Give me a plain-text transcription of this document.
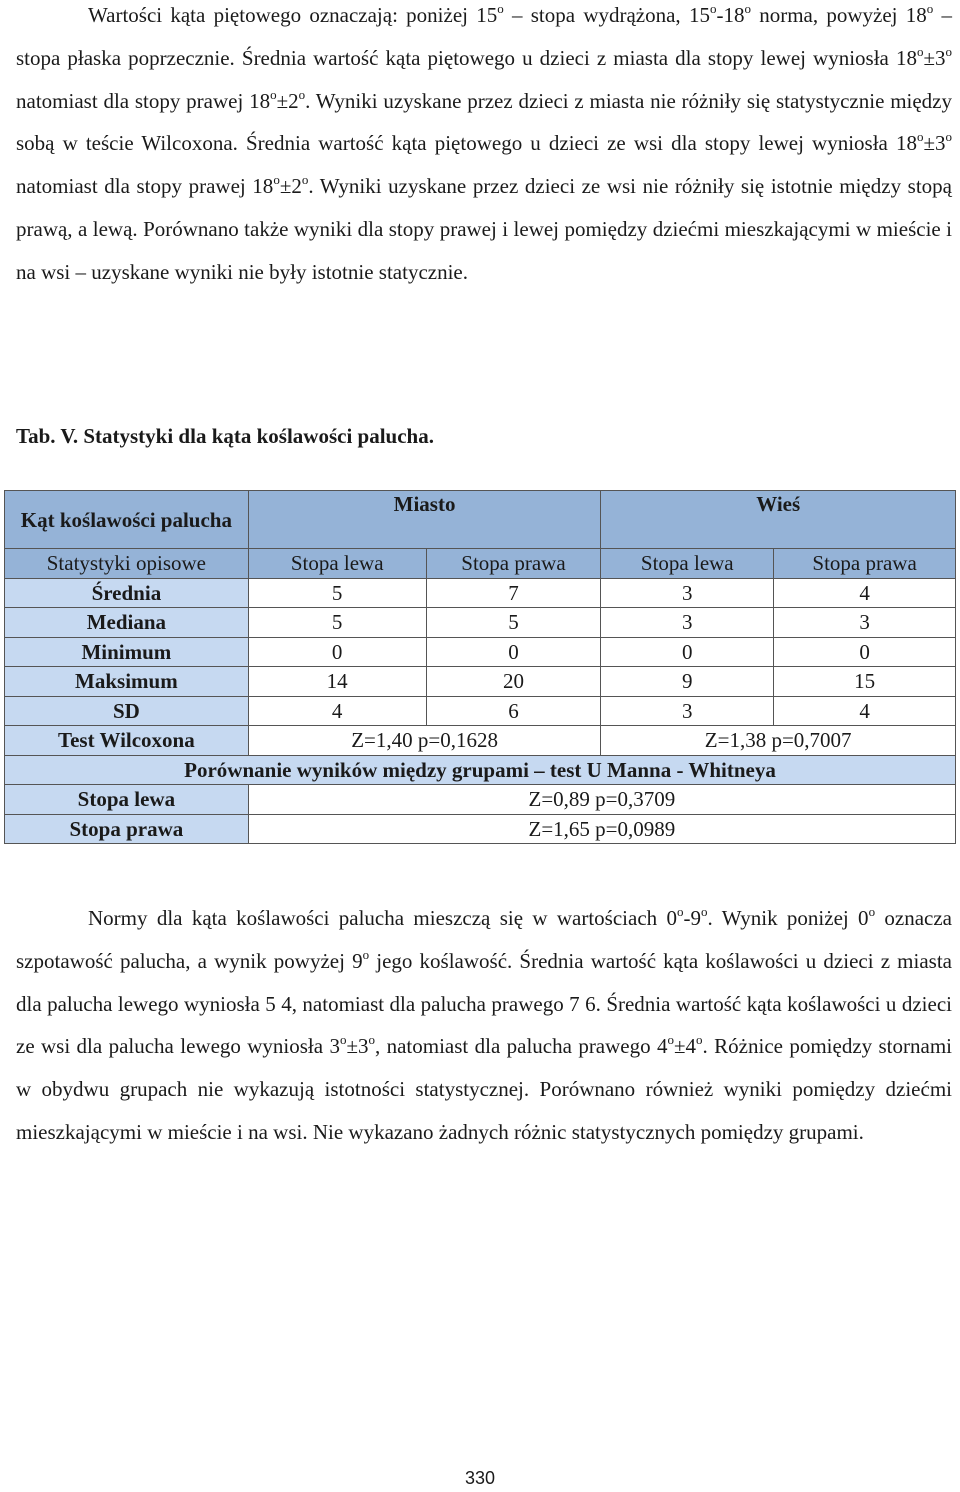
Wartości kąta piętowego oznaczają: poniżej 15$^o$ – stopa wydrążona, 15$^o$-18$^o$ norma, powyżej 18$^o$ – stopa płaska poprzecznie. Średnia wartość kąta piętowego u dzieci z miasta dla stopy lewej wyniosła $18^o\pm 3^o$ natomiast dla stopy prawej $18^o\pm 2^o$. Wyniki uzyskane przez dzieci z miasta nie różniły się statystycznie między sobą w teście Wilcoxona. Średnia wartość kąta piętowego u dzieci ze wsi dla stopy lewej wyniosła $18^o\pm 3^o$ natomiast dla stopy prawej $18^o\pm 2^o$. Wyniki uzyskane przez dzieci ze wsi nie różniły się istotnie między stopą prawą, a lewą. Porównano także wyniki dla stopy prawej i lewej pomiędzy dziećmi mieszkającymi w mieście i na wsi – uzyskane wyniki nie były istotnie statycznie.

Tab. V. Statystyki dla kąta koślawości palucha.

Kąt koślawości palucha	Miasto		Wieś	
Statystyki opisowe	Stopa lewa	Stopa prawa	Stopa lewa	Stopa prawa
Średnia	5	7	3	4
Mediana	5	5	3	3
Minimum	0	0	0	0
Maksimum	14	20	9	15
SD	4	6	3	4
Test Wilcoxona	Z=1,40 p=0,1628		Z=1,38 p=0,7007	
Porównanie wyników między grupami – test U Manna - Whitneya				
Stopa lewa	Z=0,89 p=0,3709			
Stopa prawa	Z=1,65 p=0,0989			

Normy dla kąta koślawości palucha mieszczą się w wartościach 0$^o$-9$^o$. Wynik poniżej 0$^o$ oznacza szpotawość palucha, a wynik powyżej 9$^o$ jego koślawość. Średnia wartość kąta koślawości u dzieci z miasta dla palucha lewego wyniosła 5 4, natomiast dla palucha prawego 7 6. Średnia wartość kąta koślawości u dzieci ze wsi dla palucha lewego wyniosła $3^o\pm 3^o$, natomiast dla palucha prawego $4^o\pm 4^o$. Różnice pomiędzy stornami w obydwu grupach nie wykazują istotności statystycznej. Porównano również wyniki pomiędzy dziećmi mieszkającymi w mieście i na wsi. Nie wykazano żadnych różnic statystycznych pomiędzy grupami.

330
